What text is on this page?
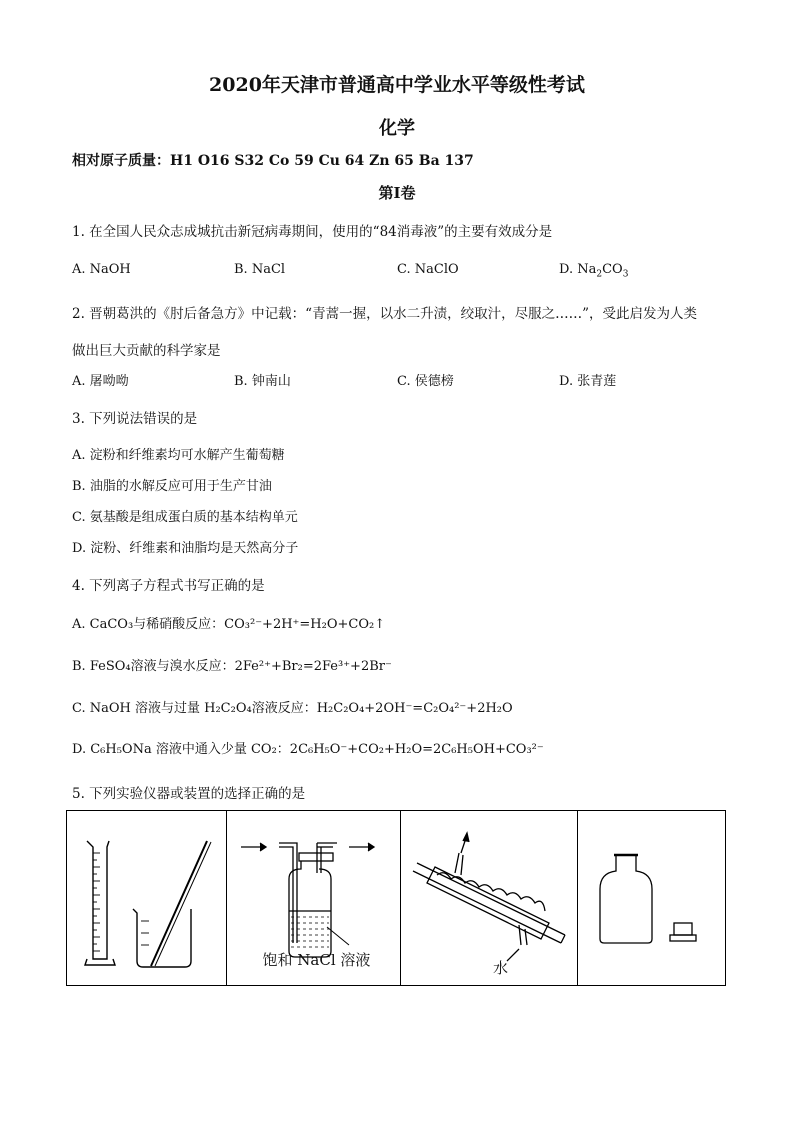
2020年天津市普通高中学业水平等级性考试
化学
相对原子质量：H1 O16 S32 Co 59 Cu 64 Zn 65 Ba 137
第I卷
1. 在全国人民众志成城抗击新冠病毒期间，使用的“84消毒液”的主要有效成分是
A. NaOH	B. NaCl	C. NaClO	D. $Na_2CO_3$
2. 晋朝葛洪的《肘后备急方》中记载：“青蒿一握，以水二升渍，绞取汁，尽服之……”，受此启发为人类
做出巨大贡献的科学家是
A. 屠呦呦	B. 钟南山	C. 侯德榜	D. 张青莲
3. 下列说法错误的是
A. 淀粉和纤维素均可水解产生葡萄糖
B. 油脂的水解反应可用于生产甘油
C. 氨基酸是组成蛋白质的基本结构单元
D. 淀粉、纤维素和油脂均是天然高分子
4. 下列离子方程式书写正确的是
A. CaCO₃与稀硝酸反应：CO₃²⁻+2H⁺=H₂O+CO₂↑
B. FeSO₄溶液与溴水反应：2Fe²⁺+Br₂=2Fe³⁺+2Br⁻
C. NaOH 溶液与过量 H₂C₂O₄溶液反应：H₂C₂O₄+2OH⁻=C₂O₄²⁻+2H₂O
D. C₆H₅ONa 溶液中通入少量 CO₂：2C₆H₅O⁻+CO₂+H₂O=2C₆H₅OH+CO₃²⁻
5. 下列实验仪器或装置的选择正确的是
饱和 NaCl 溶液	水
